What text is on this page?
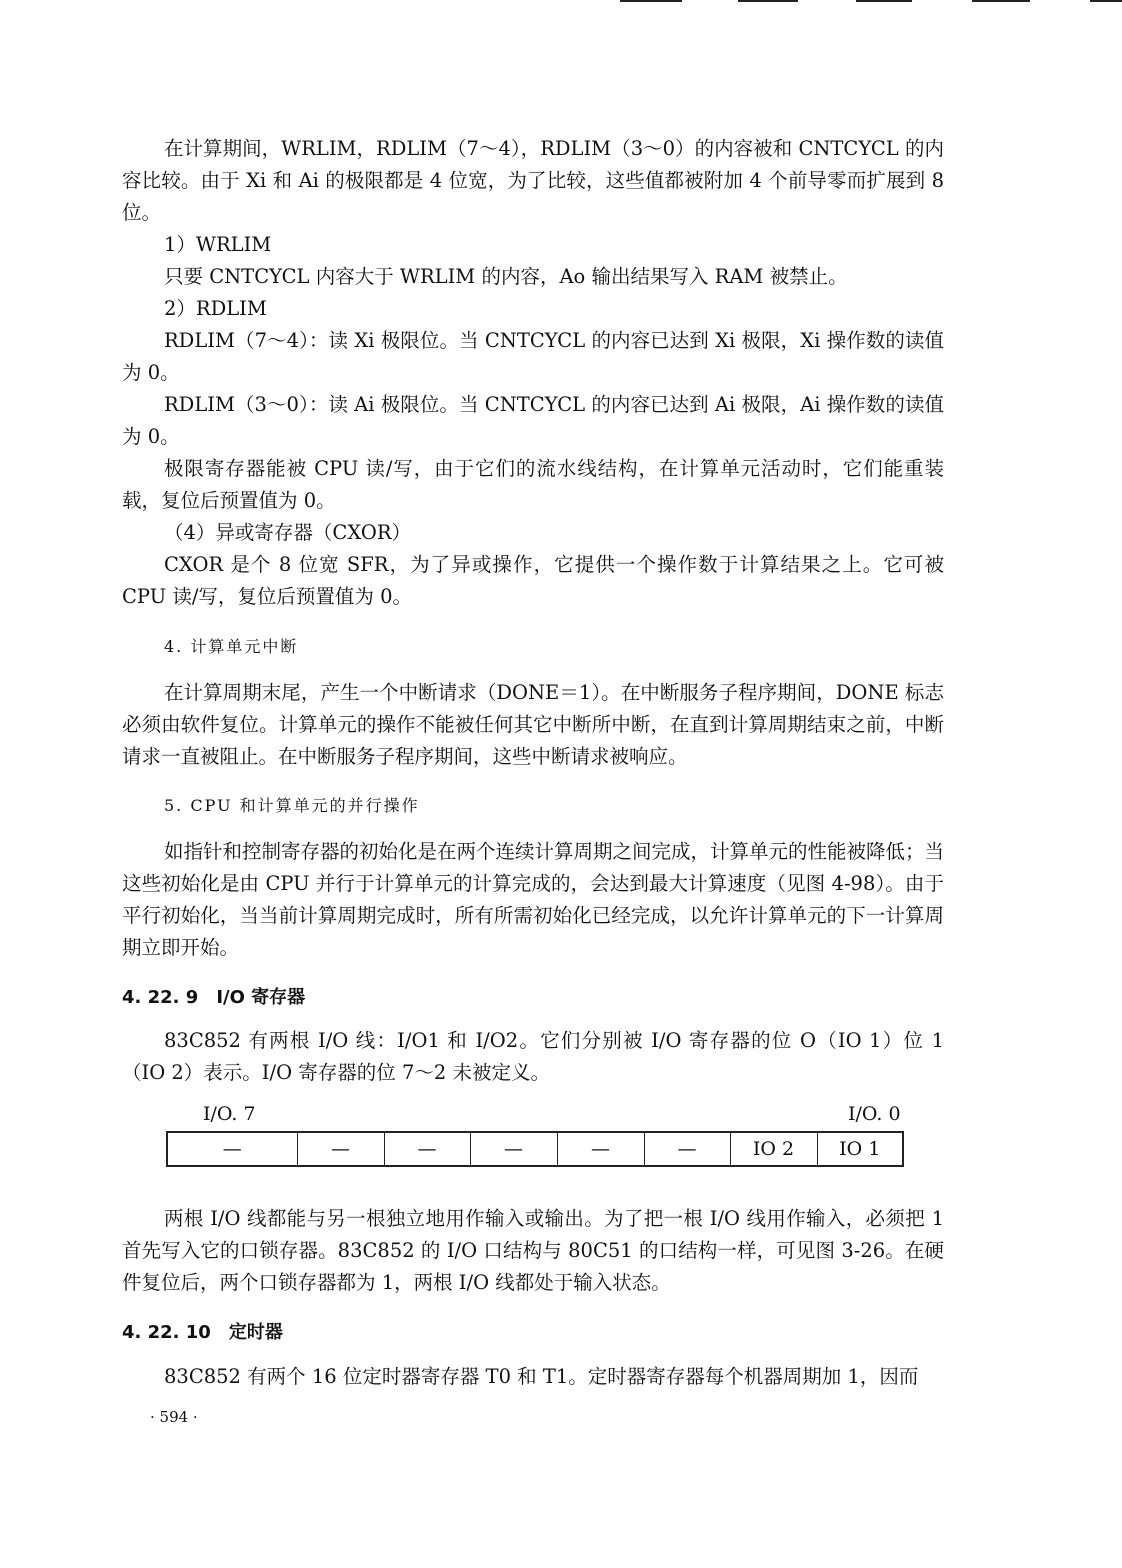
在计算期间，WRLIM，RDLIM（7～4），RDLIM（3～0）的内容被和 CNTCYCL 的内容比较。由于 Xi 和 Ai 的极限都是 4 位宽，为了比较，这些值都被附加 4 个前导零而扩展到 8 位。
1）WRLIM
只要 CNTCYCL 内容大于 WRLIM 的内容，Ao 输出结果写入 RAM 被禁止。
2）RDLIM
RDLIM（7～4）：读 Xi 极限位。当 CNTCYCL 的内容已达到 Xi 极限，Xi 操作数的读值为 0。
RDLIM（3～0）：读 Ai 极限位。当 CNTCYCL 的内容已达到 Ai 极限，Ai 操作数的读值为 0。
极限寄存器能被 CPU 读/写，由于它们的流水线结构，在计算单元活动时，它们能重装载，复位后预置值为 0。
（4）异或寄存器（CXOR）
CXOR 是个 8 位宽 SFR，为了异或操作，它提供一个操作数于计算结果之上。它可被 CPU 读/写，复位后预置值为 0。
4. 计算单元中断
在计算周期末尾，产生一个中断请求（DONE＝1）。在中断服务子程序期间，DONE 标志必须由软件复位。计算单元的操作不能被任何其它中断所中断，在直到计算周期结束之前，中断请求一直被阻止。在中断服务子程序期间，这些中断请求被响应。
5. CPU 和计算单元的并行操作
如指针和控制寄存器的初始化是在两个连续计算周期之间完成，计算单元的性能被降低；当这些初始化是由 CPU 并行于计算单元的计算完成的，会达到最大计算速度（见图 4-98）。由于平行初始化，当当前计算周期完成时，所有所需初始化已经完成，以允许计算单元的下一计算周期立即开始。
4. 22. 9 I/O 寄存器
83C852 有两根 I/O 线：I/O1 和 I/O2。它们分别被 I/O 寄存器的位 O（IO 1）位 1（IO 2）表示。I/O 寄存器的位 7～2 未被定义。
I/O. 7	I/O. 0
—	—	—	—	—	—	IO 2	IO 1
两根 I/O 线都能与另一根独立地用作输入或输出。为了把一根 I/O 线用作输入，必须把 1 首先写入它的口锁存器。83C852 的 I/O 口结构与 80C51 的口结构一样，可见图 3-26。在硬件复位后，两个口锁存器都为 1，两根 I/O 线都处于输入状态。
4. 22. 10 定时器
83C852 有两个 16 位定时器寄存器 T0 和 T1。定时器寄存器每个机器周期加 1，因而
· 594 ·
